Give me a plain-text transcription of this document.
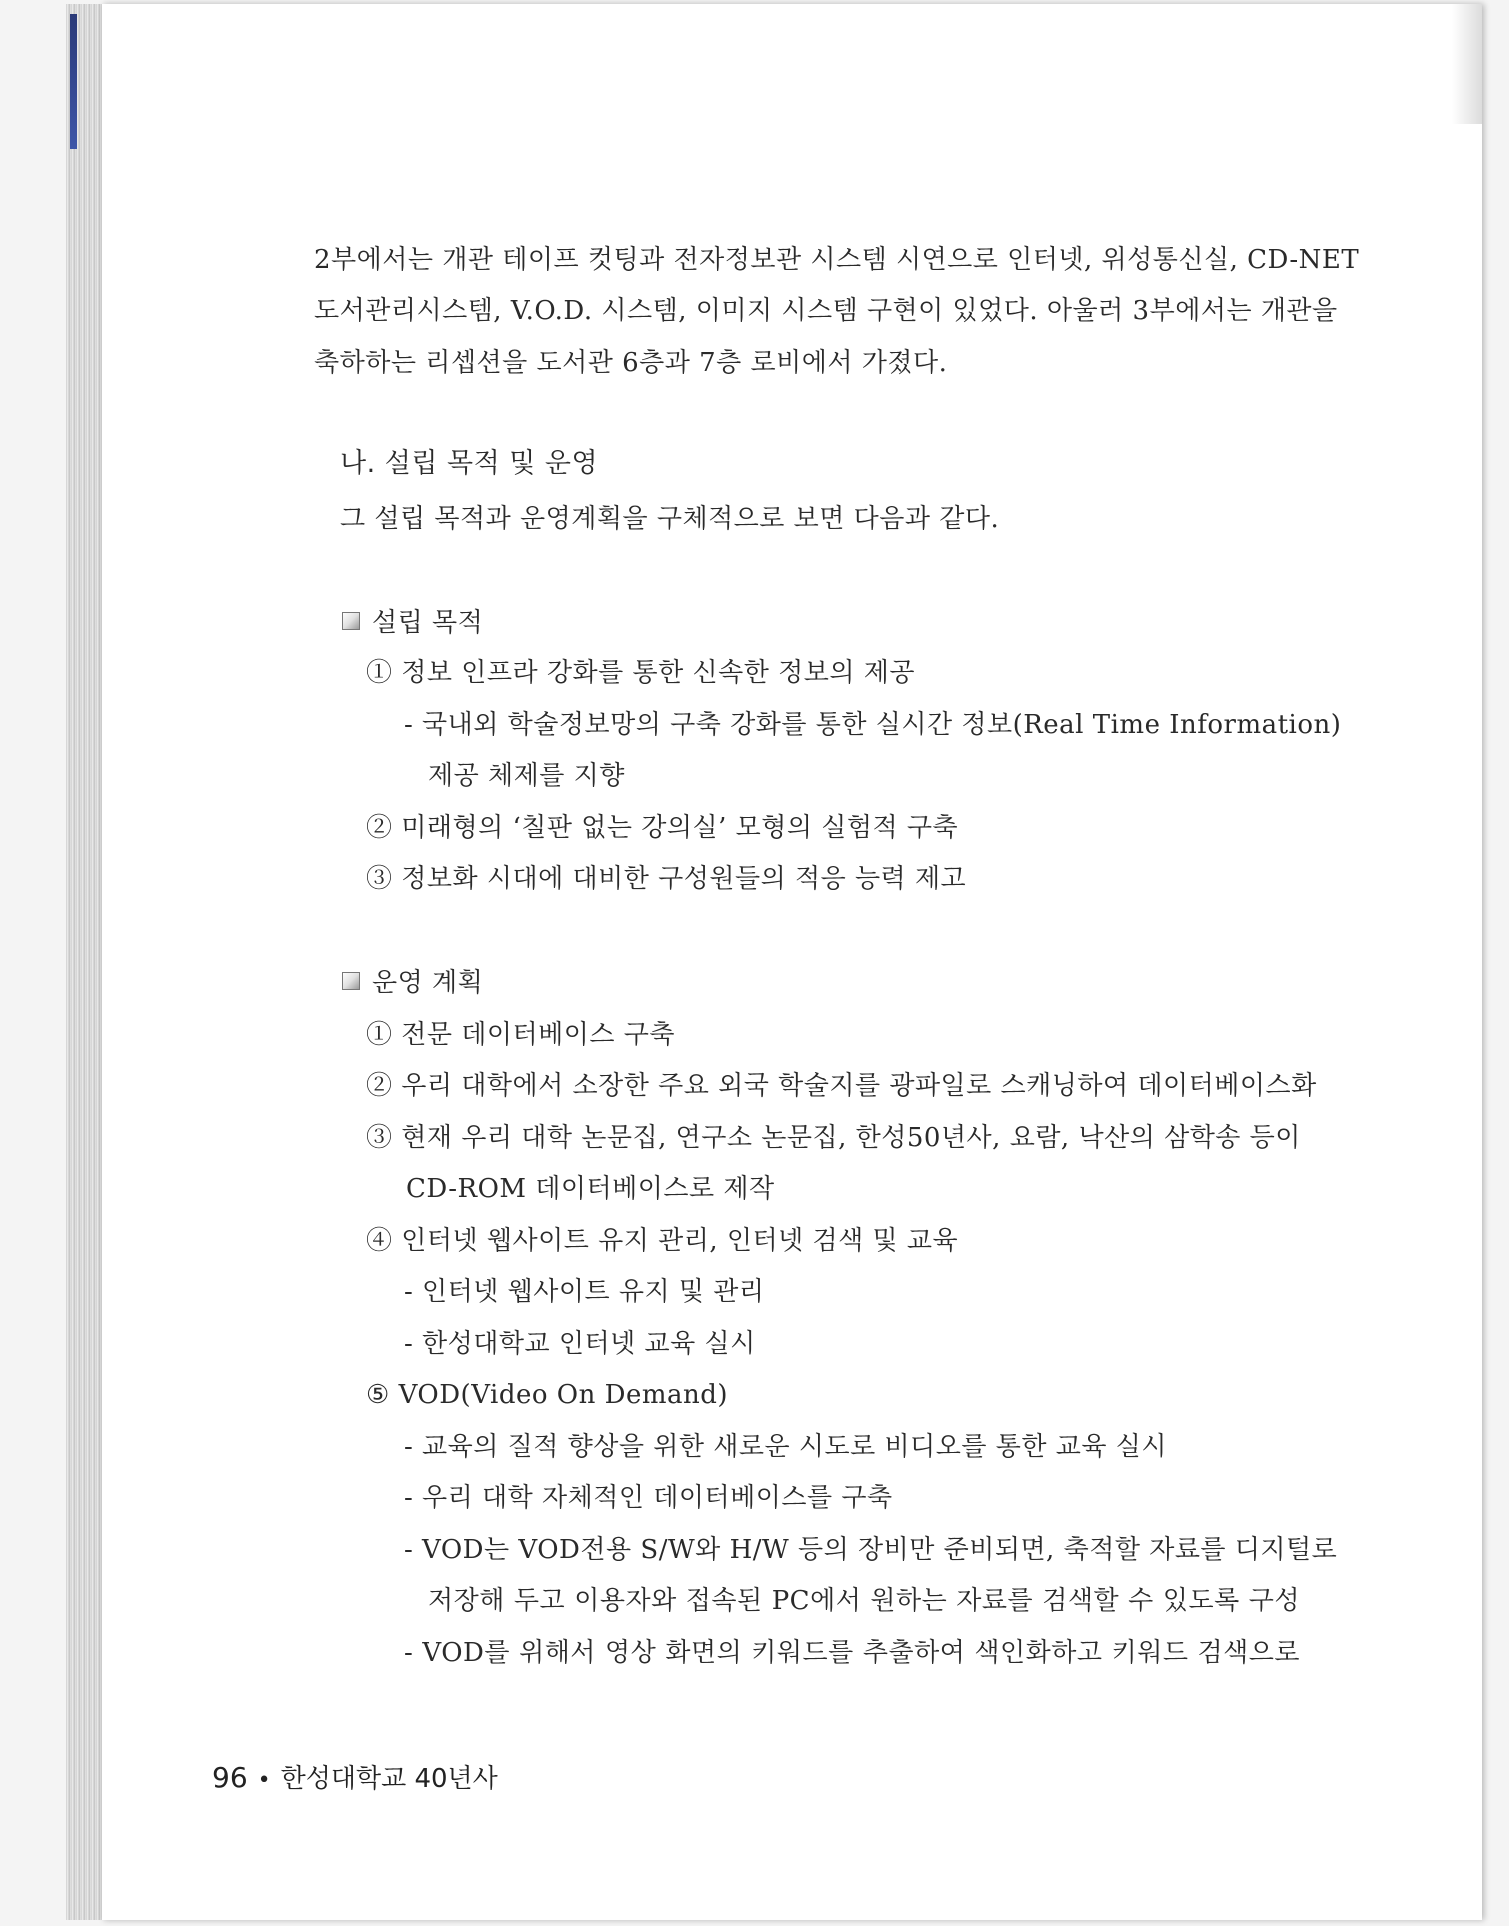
2부에서는 개관 테이프 컷팅과 전자정보관 시스템 시연으로 인터넷, 위성통신실, CD-NET
도서관리시스템, V.O.D. 시스템, 이미지 시스템 구현이 있었다. 아울러 3부에서는 개관을
축하하는 리셉션을 도서관 6층과 7층 로비에서 가졌다.
나. 설립 목적 및 운영
그 설립 목적과 운영계획을 구체적으로 보면 다음과 같다.
설립 목적
① 정보 인프라 강화를 통한 신속한 정보의 제공
- 국내외 학술정보망의 구축 강화를 통한 실시간 정보(Real Time Information)
제공 체제를 지향
② 미래형의 ‘칠판 없는 강의실’ 모형의 실험적 구축
③ 정보화 시대에 대비한 구성원들의 적응 능력 제고
운영 계획
① 전문 데이터베이스 구축
② 우리 대학에서 소장한 주요 외국 학술지를 광파일로 스캐닝하여 데이터베이스화
③ 현재 우리 대학 논문집, 연구소 논문집, 한성50년사, 요람, 낙산의 삼학송 등이
CD-ROM 데이터베이스로 제작
④ 인터넷 웹사이트 유지 관리, 인터넷 검색 및 교육
- 인터넷 웹사이트 유지 및 관리
- 한성대학교 인터넷 교육 실시
⑤ VOD(Video On Demand)
- 교육의 질적 향상을 위한 새로운 시도로 비디오를 통한 교육 실시
- 우리 대학 자체적인 데이터베이스를 구축
- VOD는 VOD전용 S/W와 H/W 등의 장비만 준비되면, 축적할 자료를 디지털로
저장해 두고 이용자와 접속된 PC에서 원하는 자료를 검색할 수 있도록 구성
- VOD를 위해서 영상 화면의 키워드를 추출하여 색인화하고 키워드 검색으로
96 • 한성대학교 40년사
